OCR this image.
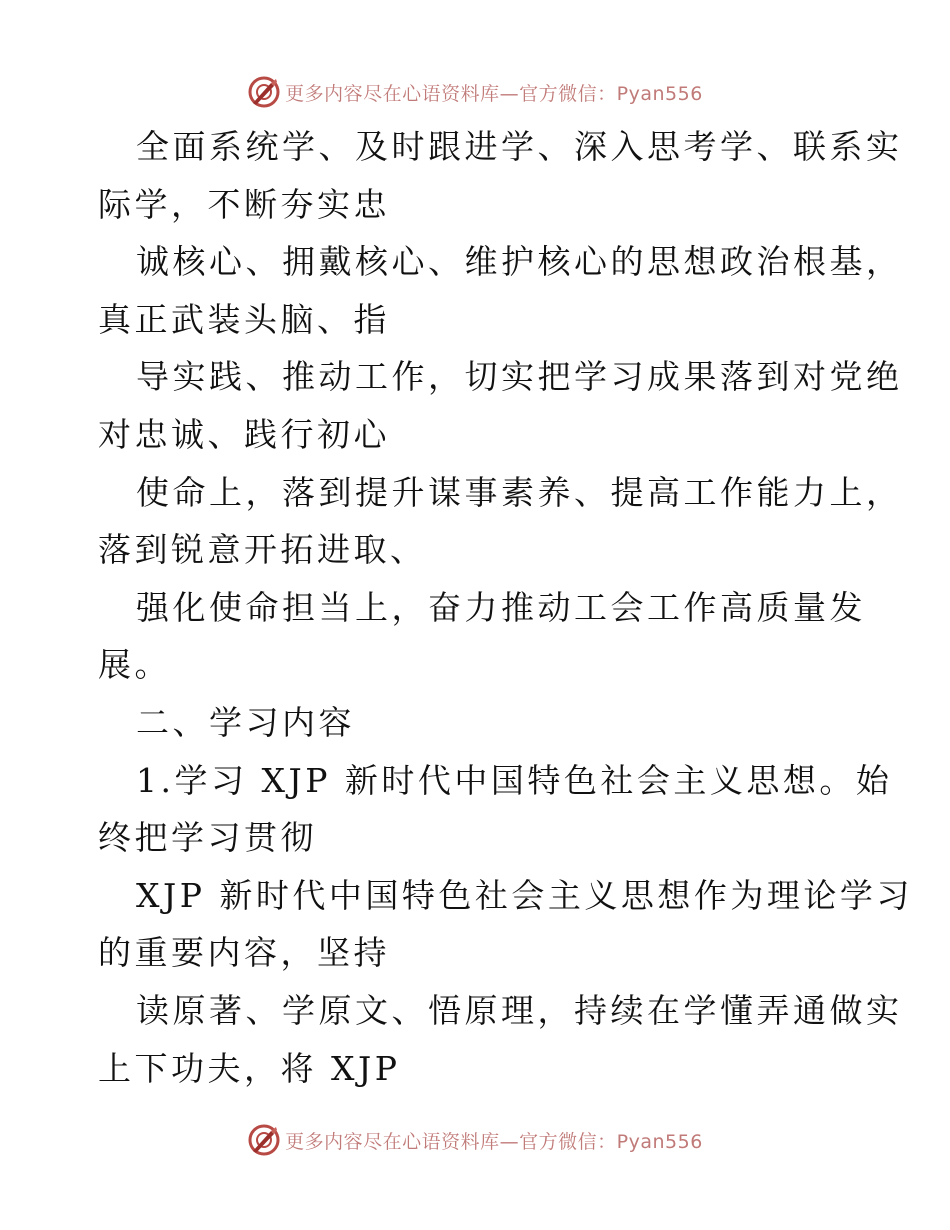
更多内容尽在心语资料库—官方微信：Pyan556
全面系统学、及时跟进学、深入思考学、联系实
际学，不断夯实忠
诚核心、拥戴核心、维护核心的思想政治根基，
真正武装头脑、指
导实践、推动工作，切实把学习成果落到对党绝
对忠诚、践行初心
使命上，落到提升谋事素养、提高工作能力上，
落到锐意开拓进取、
强化使命担当上，奋力推动工会工作高质量发
展。
二、学习内容
1.学习 XJP 新时代中国特色社会主义思想。始
终把学习贯彻
XJP 新时代中国特色社会主义思想作为理论学习
的重要内容，坚持
读原著、学原文、悟原理，持续在学懂弄通做实
上下功夫，将 XJP
更多内容尽在心语资料库—官方微信：Pyan556
